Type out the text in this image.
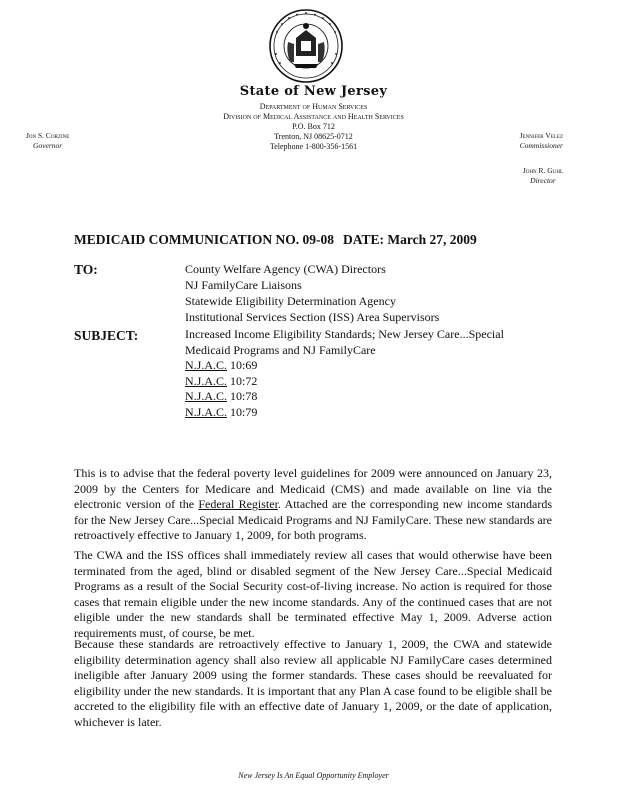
State of New Jersey
Department of Human Services
Division of Medical Assistance and Health Services
P.O. Box 712
Trenton, NJ 08625-0712
Telephone 1-800-356-1561
Jon S. Corzine
Governor
Jennifer Velez
Commissioner
John R. Guhl
Director
MEDICAID COMMUNICATION NO. 09-08 DATE: March 27, 2009
TO:	County Welfare Agency (CWA) Directors
NJ FamilyCare Liaisons
Statewide Eligibility Determination Agency
Institutional Services Section (ISS) Area Supervisors
SUBJECT:	Increased Income Eligibility Standards; New Jersey Care...Special
Medicaid Programs and NJ FamilyCare
N.J.A.C. 10:69
N.J.A.C. 10:72
N.J.A.C. 10:78
N.J.A.C. 10:79

This is to advise that the federal poverty level guidelines for 2009 were announced on January 23, 2009 by the Centers for Medicare and Medicaid (CMS) and made available on line via the electronic version of the Federal Register. Attached are the corresponding new income standards for the New Jersey Care...Special Medicaid Programs and NJ FamilyCare. These new standards are retroactively effective to January 1, 2009, for both programs.

The CWA and the ISS offices shall immediately review all cases that would otherwise have been terminated from the aged, blind or disabled segment of the New Jersey Care...Special Medicaid Programs as a result of the Social Security cost-of-living increase. No action is required for those cases that remain eligible under the new income standards. Any of the continued cases that are not eligible under the new standards shall be terminated effective May 1, 2009. Adverse action requirements must, of course, be met.

Because these standards are retroactively effective to January 1, 2009, the CWA and statewide eligibility determination agency shall also review all applicable NJ FamilyCare cases determined ineligible after January 2009 using the former standards. These cases should be reevaluated for eligibility under the new standards. It is important that any Plan A case found to be eligible shall be accreted to the eligibility file with an effective date of January 1, 2009, or the date of application, whichever is later.

New Jersey Is An Equal Opportunity Employer
